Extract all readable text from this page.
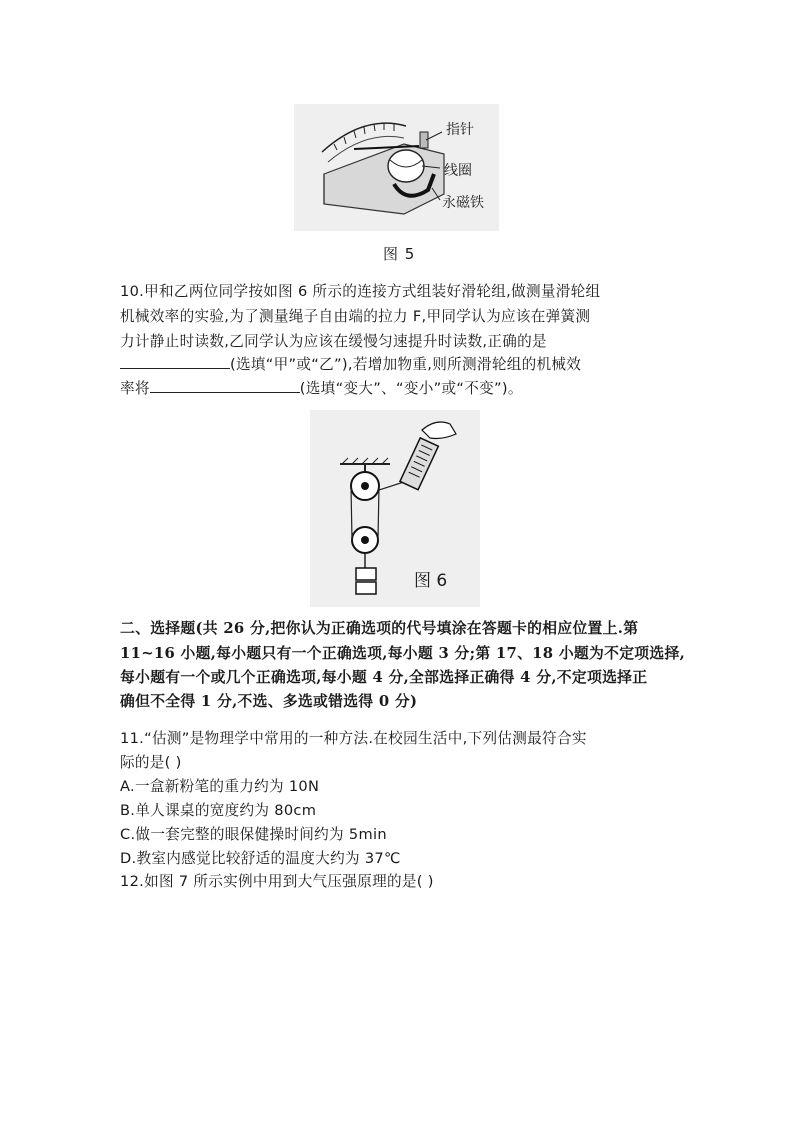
指针
线圈
永磁铁
图 5
10.甲和乙两位同学按如图 6 所示的连接方式组装好滑轮组,做测量滑轮组
机械效率的实验,为了测量绳子自由端的拉力 F,甲同学认为应该在弹簧测
力计静止时读数,乙同学认为应该在缓慢匀速提升时读数,正确的是
(选填“甲”或“乙”),若增加物重,则所测滑轮组的机械效
率将	(选填“变大”、“变小”或“不变”)。
图 6
二、选择题(共 26 分,把你认为正确选项的代号填涂在答题卡的相应位置上.第
11~16 小题,每小题只有一个正确选项,每小题 3 分;第 17、18 小题为不定项选择,
每小题有一个或几个正确选项,每小题 4 分,全部选择正确得 4 分,不定项选择正
确但不全得 1 分,不选、多选或错选得 0 分)
11.“估测”是物理学中常用的一种方法.在校园生活中,下列估测最符合实
际的是( )
A.一盒新粉笔的重力约为 10N
B.单人课桌的宽度约为 80cm
C.做一套完整的眼保健操时间约为 5min
D.教室内感觉比较舒适的温度大约为 37℃
12.如图 7 所示实例中用到大气压强原理的是( )
